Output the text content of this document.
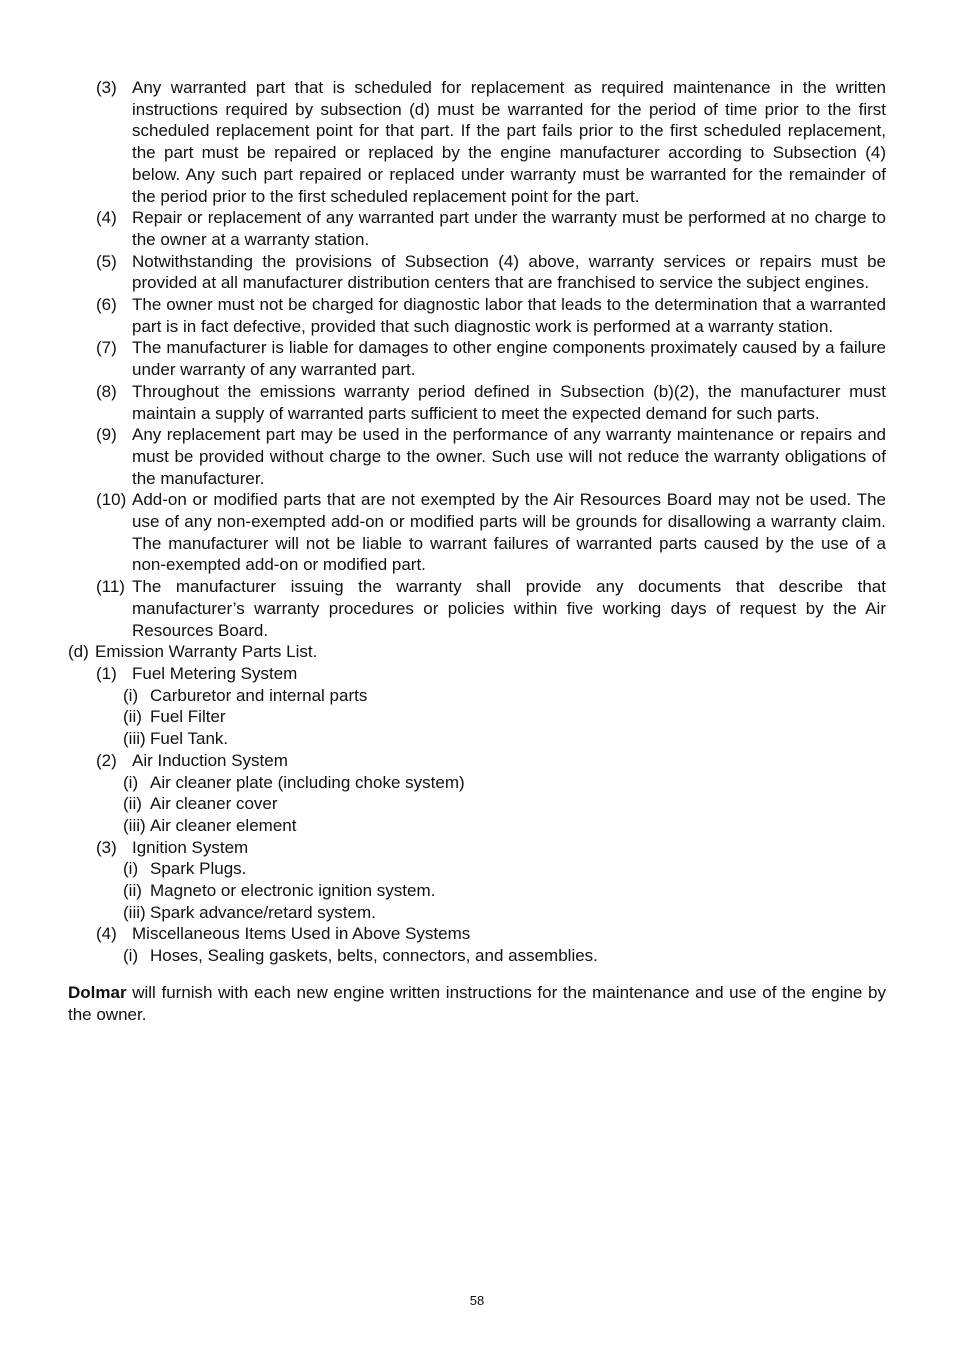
(3) Any warranted part that is scheduled for replacement as required maintenance in the written instructions required by subsection (d) must be warranted for the period of time prior to the first scheduled replacement point for that part. If the part fails prior to the first scheduled replacement, the part must be repaired or replaced by the engine manufacturer according to Subsection (4) below. Any such part repaired or replaced under warranty must be warranted for the remainder of the period prior to the first scheduled replacement point for the part.
(4) Repair or replacement of any warranted part under the warranty must be performed at no charge to the owner at a warranty station.
(5) Notwithstanding the provisions of Subsection (4) above, warranty services or repairs must be provided at all manufacturer distribution centers that are franchised to service the subject engines.
(6) The owner must not be charged for diagnostic labor that leads to the determination that a warranted part is in fact defective, provided that such diagnostic work is performed at a warranty station.
(7) The manufacturer is liable for damages to other engine components proximately caused by a failure under warranty of any warranted part.
(8) Throughout the emissions warranty period defined in Subsection (b)(2), the manufacturer must maintain a supply of warranted parts sufficient to meet the expected demand for such parts.
(9) Any replacement part may be used in the performance of any warranty maintenance or repairs and must be provided without charge to the owner. Such use will not reduce the warranty obligations of the manufacturer.
(10) Add-on or modified parts that are not exempted by the Air Resources Board may not be used. The use of any non-exempted add-on or modified parts will be grounds for disallowing a warranty claim. The manufacturer will not be liable to warrant failures of warranted parts caused by the use of a non-exempted add-on or modified part.
(11) The manufacturer issuing the warranty shall provide any documents that describe that manufacturer’s warranty procedures or policies within five working days of request by the Air Resources Board.
(d) Emission Warranty Parts List.
(1) Fuel Metering System
(i) Carburetor and internal parts
(ii) Fuel Filter
(iii) Fuel Tank.
(2) Air Induction System
(i) Air cleaner plate (including choke system)
(ii) Air cleaner cover
(iii) Air cleaner element
(3) Ignition System
(i) Spark Plugs.
(ii) Magneto or electronic ignition system.
(iii) Spark advance/retard system.
(4) Miscellaneous Items Used in Above Systems
(i) Hoses, Sealing gaskets, belts, connectors, and assemblies.
Dolmar will furnish with each new engine written instructions for the maintenance and use of the engine by the owner.
58
